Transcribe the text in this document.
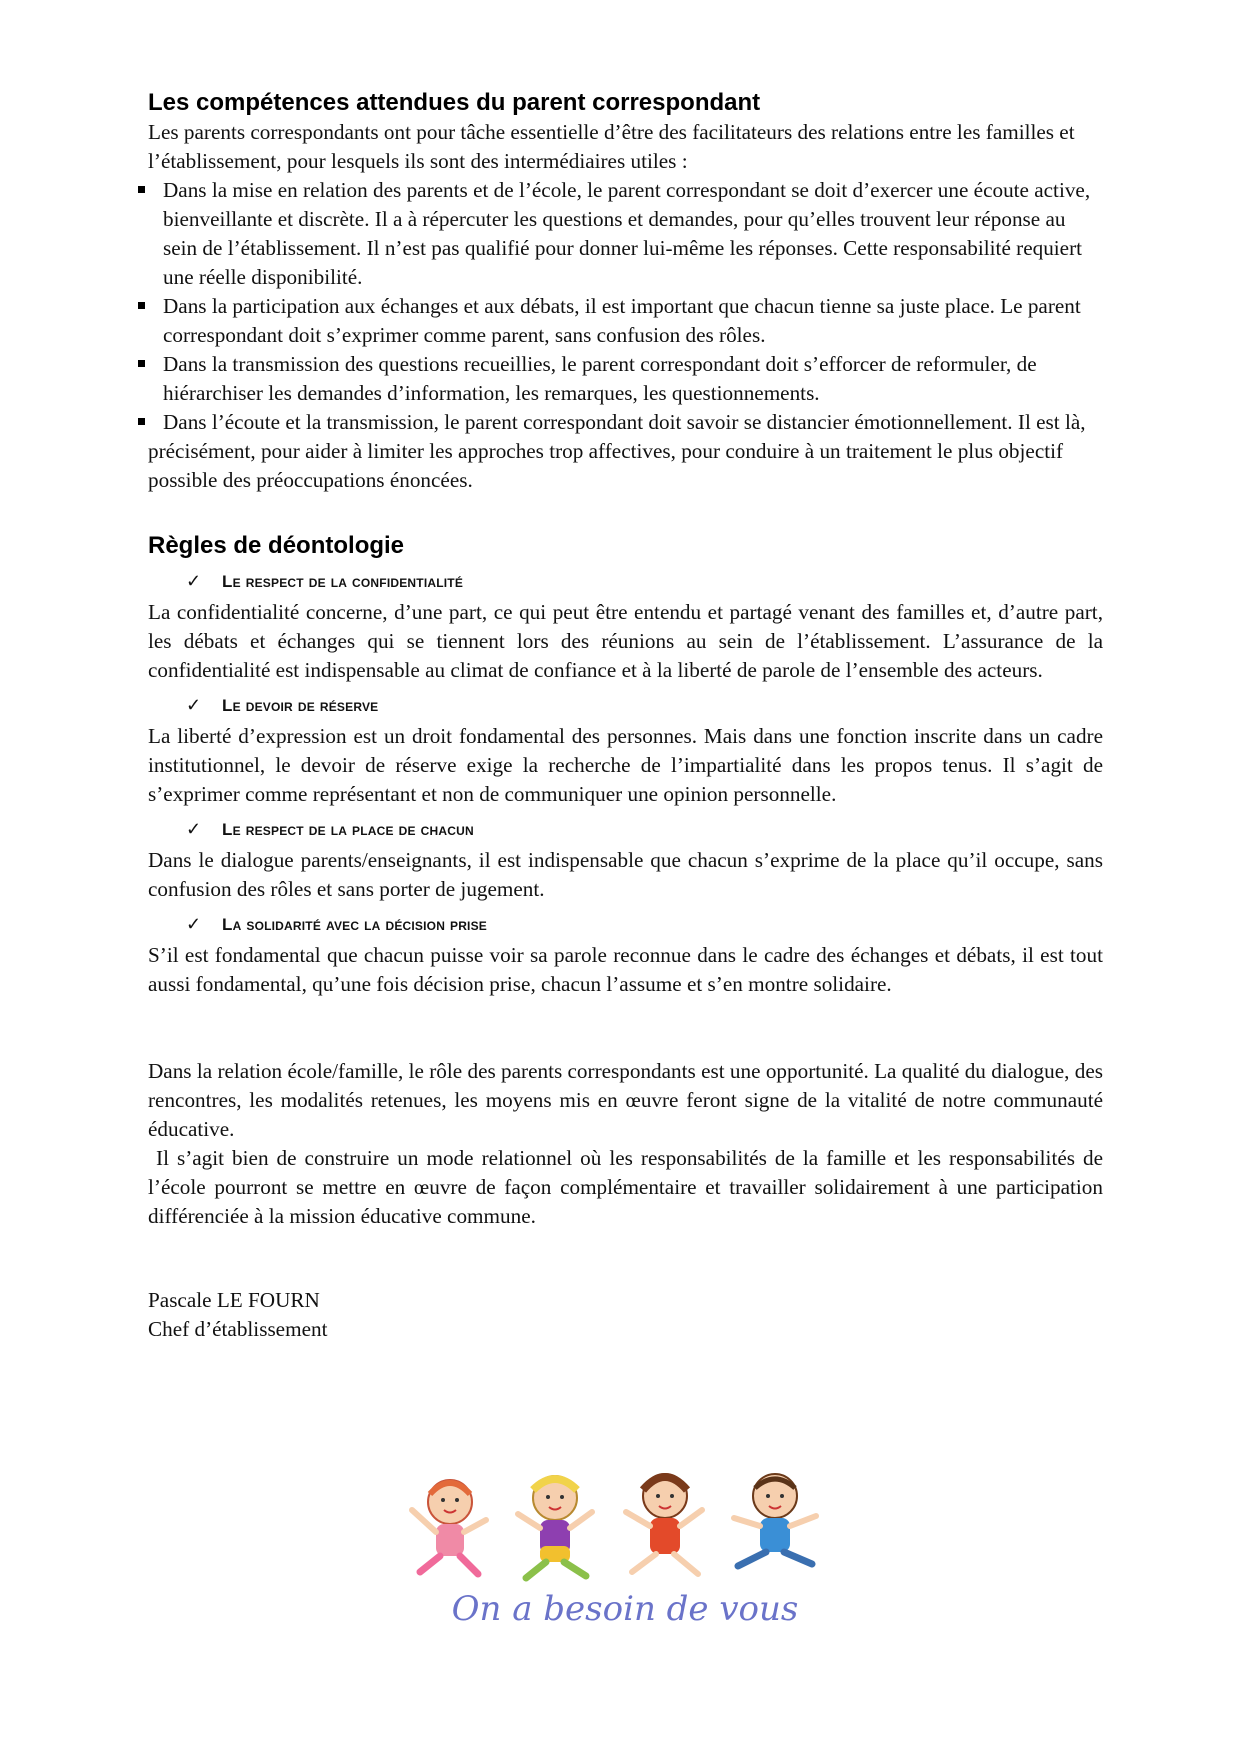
Les compétences attendues du parent correspondant

Les parents correspondants ont pour tâche essentielle d’être des facilitateurs des relations entre les familles et l’établissement, pour lesquels ils sont des intermédiaires utiles :

Dans la mise en relation des parents et de l’école, le parent correspondant se doit d’exercer une écoute active, bienveillante et discrète. Il a à répercuter les questions et demandes, pour qu’elles trouvent leur réponse au sein de l’établissement. Il n’est pas qualifié pour donner lui-même les réponses. Cette responsabilité requiert une réelle disponibilité.
Dans la participation aux échanges et aux débats, il est important que chacun tienne sa juste place. Le parent correspondant doit s’exprimer comme parent, sans confusion des rôles.
Dans la transmission des questions recueillies, le parent correspondant doit s’efforcer de reformuler, de hiérarchiser les demandes d’information, les remarques, les questionnements.
Dans l’écoute et la transmission, le parent correspondant doit savoir se distancier émotionnellement. Il est là, précisément, pour aider à limiter les approches trop affectives, pour conduire à un traitement le plus objectif possible des préoccupations énoncées.
Règles de déontologie
✓ Le respect de la confidentialité

La confidentialité concerne, d’une part, ce qui peut être entendu et partagé venant des familles et, d’autre part, les débats et échanges qui se tiennent lors des réunions au sein de l’établissement. L’assurance de la confidentialité est indispensable au climat de confiance et à la liberté de parole de l’ensemble des acteurs.

✓ Le devoir de réserve

La liberté d’expression est un droit fondamental des personnes. Mais dans une fonction inscrite dans un cadre institutionnel, le devoir de réserve exige la recherche de l’impartialité dans les propos tenus. Il s’agit de s’exprimer comme représentant et non de communiquer une opinion personnelle.

✓ Le respect de la place de chacun

Dans le dialogue parents/enseignants, il est indispensable que chacun s’exprime de la place qu’il occupe, sans confusion des rôles et sans porter de jugement.

✓ La solidarité avec la décision prise

S’il est fondamental que chacun puisse voir sa parole reconnue dans le cadre des échanges et débats, il est tout aussi fondamental, qu’une fois décision prise, chacun l’assume et s’en montre solidaire.

Dans la relation école/famille, le rôle des parents correspondants est une opportunité. La qualité du dialogue, des rencontres, les modalités retenues, les moyens mis en œuvre feront signe de la vitalité de notre communauté éducative.

Il s’agit bien de construire un mode relationnel où les responsabilités de la famille et les responsabilités de l’école pourront se mettre en œuvre de façon complémentaire et travailler solidairement à une participation différenciée à la mission éducative commune.

Pascale LE FOURN

Chef d’établissement

On a besoin de vous
